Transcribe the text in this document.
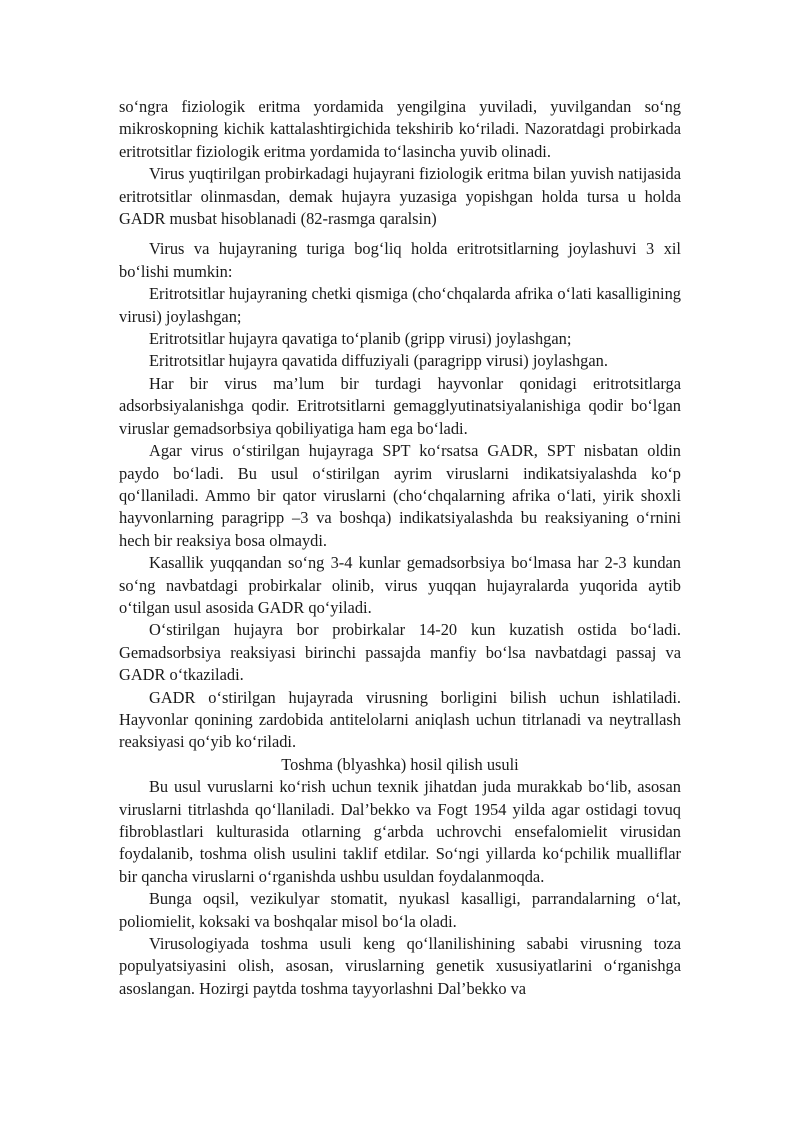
so‘ngra fiziologik eritma yordamida yengilgina yuviladi, yuvilgandan so‘ng mikroskopning kichik kattalashtirgichida tekshirib ko‘riladi. Nazoratdagi probirkada eritrotsitlar fiziologik eritma yordamida to‘lasincha yuvib olinadi.

Virus yuqtirilgan probirkadagi hujayrani fiziologik eritma bilan yuvish natijasida eritrotsitlar olinmasdan, demak hujayra yuzasiga yopishgan holda tursa u holda GADR musbat hisoblanadi (82-rasmga qaralsin)

Virus va hujayraning turiga bog‘liq holda eritrotsitlarning joylashuvi 3 xil bo‘lishi mumkin:

Eritrotsitlar hujayraning chetki qismiga (cho‘chqalarda afrika o‘lati kasalligining virusi) joylashgan;

Eritrotsitlar hujayra qavatiga to‘planib (gripp virusi) joylashgan;

Eritrotsitlar hujayra qavatida diffuziyali (paragripp virusi) joylashgan.

Har bir virus ma’lum bir turdagi hayvonlar qonidagi eritrotsitlarga adsorbsiyalanishga qodir. Eritrotsitlarni gemagglyutinatsiyalanishiga qodir bo‘lgan viruslar gemadsorbsiya qobiliyatiga ham ega bo‘ladi.

Agar virus o‘stirilgan hujayraga SPT ko‘rsatsa GADR, SPT nisbatan oldin paydo bo‘ladi. Bu usul o‘stirilgan ayrim viruslarni indikatsiyalashda ko‘p qo‘llaniladi. Ammo bir qator viruslarni (cho‘chqalarning afrika o‘lati, yirik shoxli hayvonlarning paragripp –3 va boshqa) indikatsiyalashda bu reaksiyaning o‘rnini hech bir reaksiya bosa olmaydi.

Kasallik yuqqandan so‘ng 3-4 kunlar gemadsorbsiya bo‘lmasa har 2-3 kundan so‘ng navbatdagi probirkalar olinib, virus yuqqan hujayralarda yuqorida aytib o‘tilgan usul asosida GADR qo‘yiladi.

O‘stirilgan hujayra bor probirkalar 14-20 kun kuzatish ostida bo‘ladi. Gemadsorbsiya reaksiyasi birinchi passajda manfiy bo‘lsa navbatdagi passaj va GADR o‘tkaziladi.

GADR o‘stirilgan hujayrada virusning borligini bilish uchun ishlatiladi. Hayvonlar qonining zardobida antitelolarni aniqlash uchun titrlanadi va neytrallash reaksiyasi qo‘yib ko‘riladi.

Toshma (blyashka) hosil qilish usuli

Bu usul vuruslarni ko‘rish uchun texnik jihatdan juda murakkab bo‘lib, asosan viruslarni titrlashda qo‘llaniladi. Dal’bekko va Fogt 1954 yilda agar ostidagi tovuq fibroblastlari kulturasida otlarning g‘arbda uchrovchi ensefalomielit virusidan foydalanib, toshma olish usulini taklif etdilar. So‘ngi yillarda ko‘pchilik mualliflar bir qancha viruslarni o‘rganishda ushbu usuldan foydalanmoqda.

Bunga oqsil, vezikulyar stomatit, nyukasl kasalligi, parrandalarning o‘lat, poliomielit, koksaki va boshqalar misol bo‘la oladi.

Virusologiyada toshma usuli keng qo‘llanilishining sababi virusning toza populyatsiyasini olish, asosan, viruslarning genetik xususiyatlarini o‘rganishga asoslangan. Hozirgi paytda toshma tayyorlashni Dal’bekko va
